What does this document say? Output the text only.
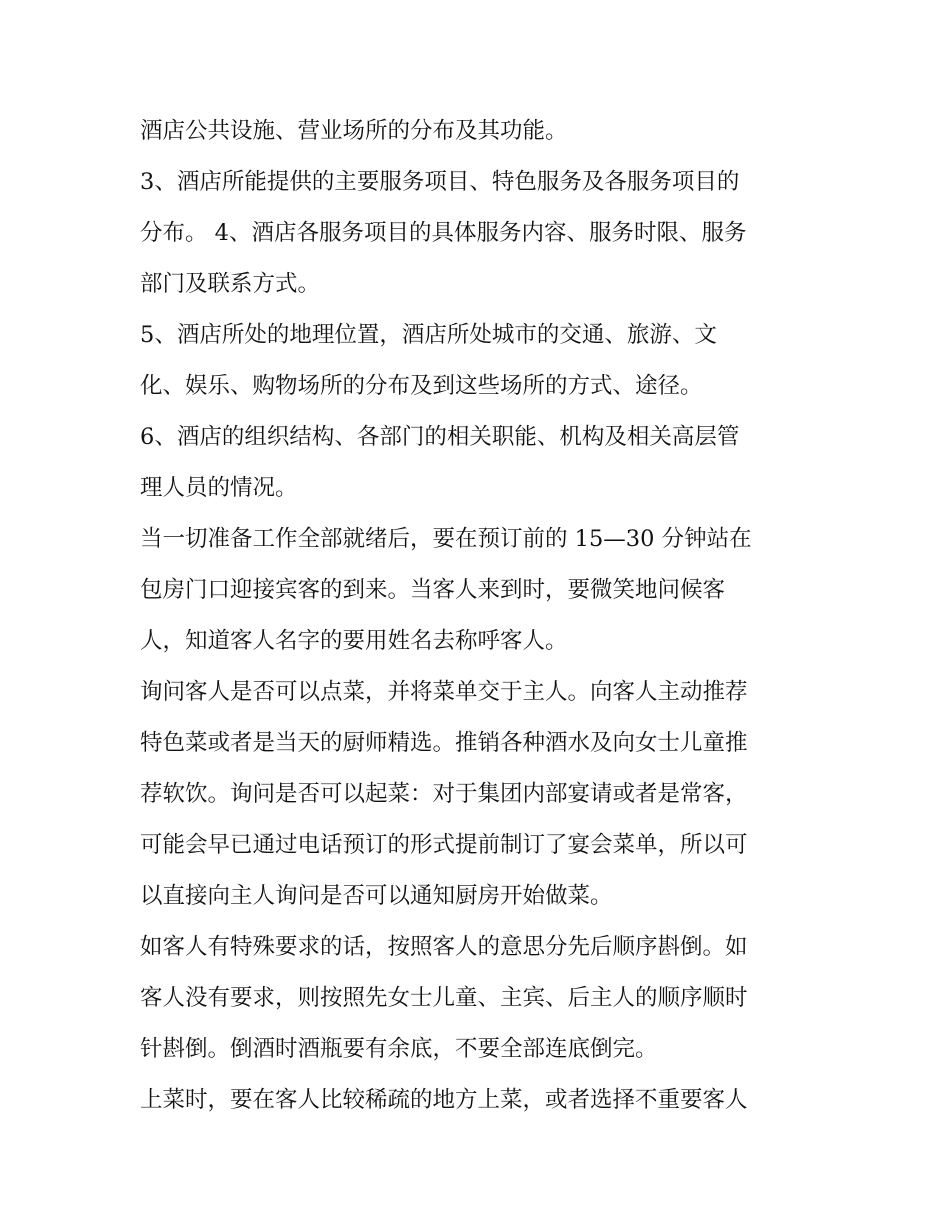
酒店公共设施、营业场所的分布及其功能。
3、酒店所能提供的主要服务项目、特色服务及各服务项目的
分布。 4、酒店各服务项目的具体服务内容、服务时限、服务
部门及联系方式。
5、酒店所处的地理位置，酒店所处城市的交通、旅游、文
化、娱乐、购物场所的分布及到这些场所的方式、途径。
6、酒店的组织结构、各部门的相关职能、机构及相关高层管
理人员的情况。
当一切准备工作全部就绪后，要在预订前的 15—30 分钟站在
包房门口迎接宾客的到来。当客人来到时，要微笑地问候客
人，知道客人名字的要用姓名去称呼客人。
询问客人是否可以点菜，并将菜单交于主人。向客人主动推荐
特色菜或者是当天的厨师精选。推销各种酒水及向女士儿童推
荐软饮。询问是否可以起菜：对于集团内部宴请或者是常客，
可能会早已通过电话预订的形式提前制订了宴会菜单，所以可
以直接向主人询问是否可以通知厨房开始做菜。
如客人有特殊要求的话，按照客人的意思分先后顺序斟倒。如
客人没有要求，则按照先女士儿童、主宾、后主人的顺序顺时
针斟倒。倒酒时酒瓶要有余底，不要全部连底倒完。
上菜时，要在客人比较稀疏的地方上菜，或者选择不重要客人
